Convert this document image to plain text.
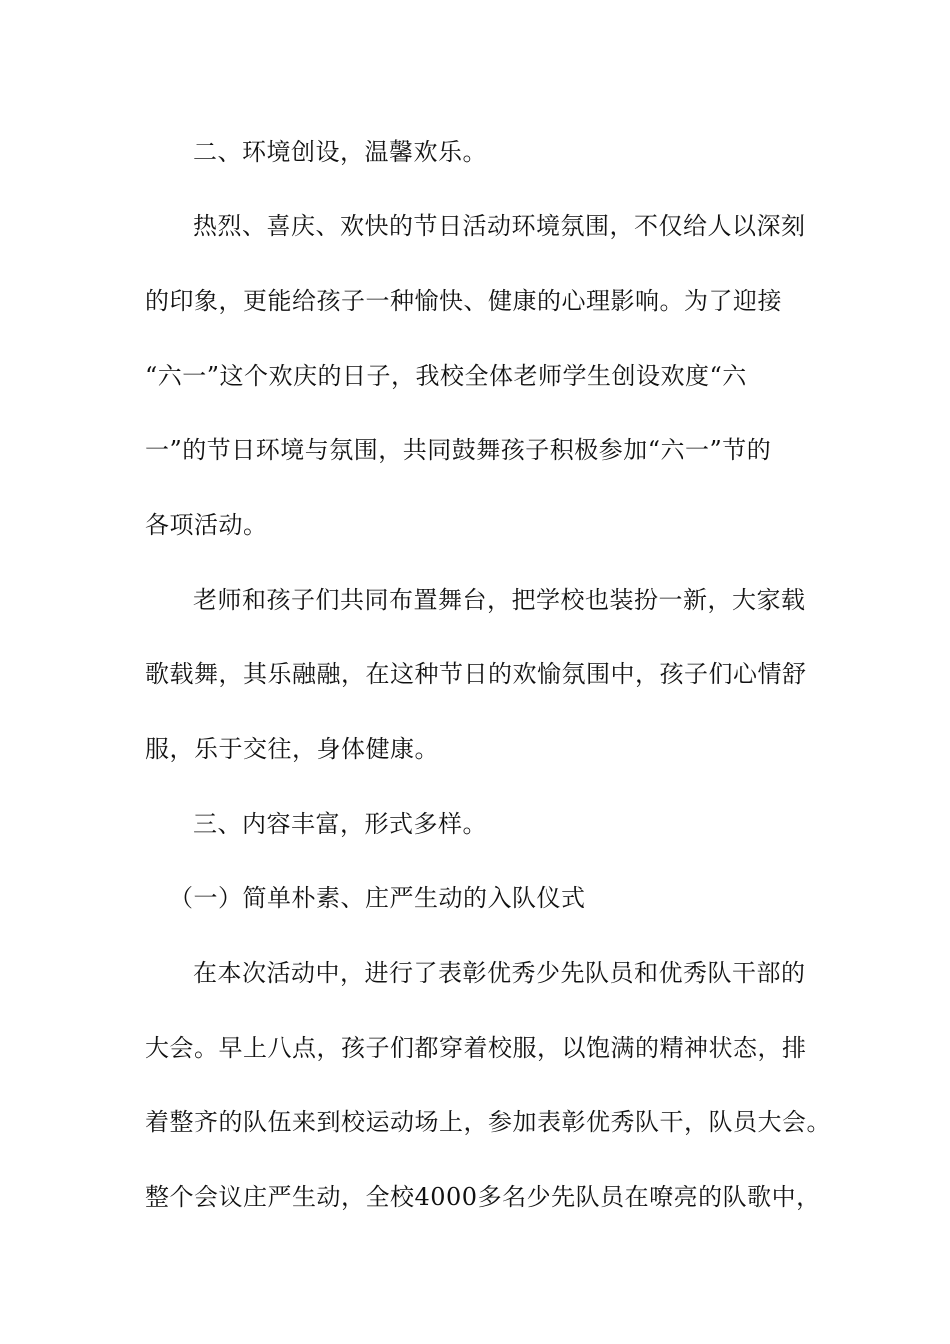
二、环境创设，温馨欢乐。
热烈、喜庆、欢快的节日活动环境氛围，不仅给人以深刻
的印象，更能给孩子一种愉快、健康的心理影响。为了迎接
“六一”这个欢庆的日子，我校全体老师学生创设欢度“六
一”的节日环境与氛围，共同鼓舞孩子积极参加“六一”节的
各项活动。
老师和孩子们共同布置舞台，把学校也装扮一新，大家载
歌载舞，其乐融融，在这种节日的欢愉氛围中，孩子们心情舒
服，乐于交往，身体健康。
三、内容丰富，形式多样。
（一）简单朴素、庄严生动的入队仪式
在本次活动中，进行了表彰优秀少先队员和优秀队干部的
大会。早上八点，孩子们都穿着校服，以饱满的精神状态，排
着整齐的队伍来到校运动场上，参加表彰优秀队干，队员大会。
整个会议庄严生动，全校4000多名少先队员在嘹亮的队歌中，
